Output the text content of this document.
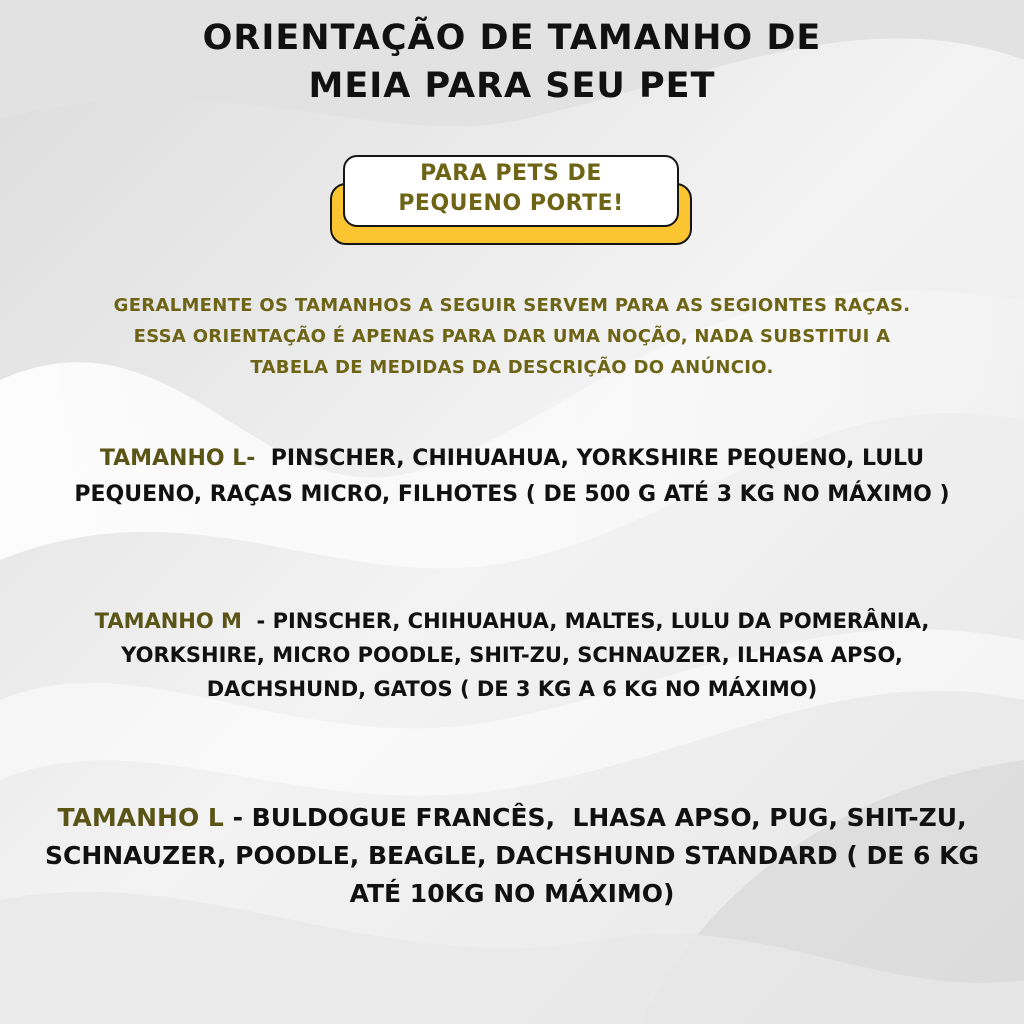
ORIENTAÇÃO DE TAMANHO DE
MEIA PARA SEU PET
PARA PETS DE
PEQUENO PORTE!
GERALMENTE OS TAMANHOS A SEGUIR SERVEM PARA AS SEGIONTES RAÇAS.
ESSA ORIENTAÇÃO É APENAS PARA DAR UMA NOÇÃO, NADA SUBSTITUI A
TABELA DE MEDIDAS DA DESCRIÇÃO DO ANÚNCIO.
TAMANHO L-  PINSCHER, CHIHUAHUA, YORKSHIRE PEQUENO, LULU
PEQUENO, RAÇAS MICRO, FILHOTES ( DE 500 G ATÉ 3 KG NO MÁXIMO )
TAMANHO M  - PINSCHER, CHIHUAHUA, MALTES, LULU DA POMERÂNIA,
YORKSHIRE, MICRO POODLE, SHIT-ZU, SCHNAUZER, ILHASA APSO,
DACHSHUND, GATOS ( DE 3 KG A 6 KG NO MÁXIMO)
TAMANHO L - BULDOGUE FRANCÊS,  LHASA APSO, PUG, SHIT-ZU,
SCHNAUZER, POODLE, BEAGLE, DACHSHUND STANDARD ( DE 6 KG
ATÉ 10KG NO MÁXIMO)
